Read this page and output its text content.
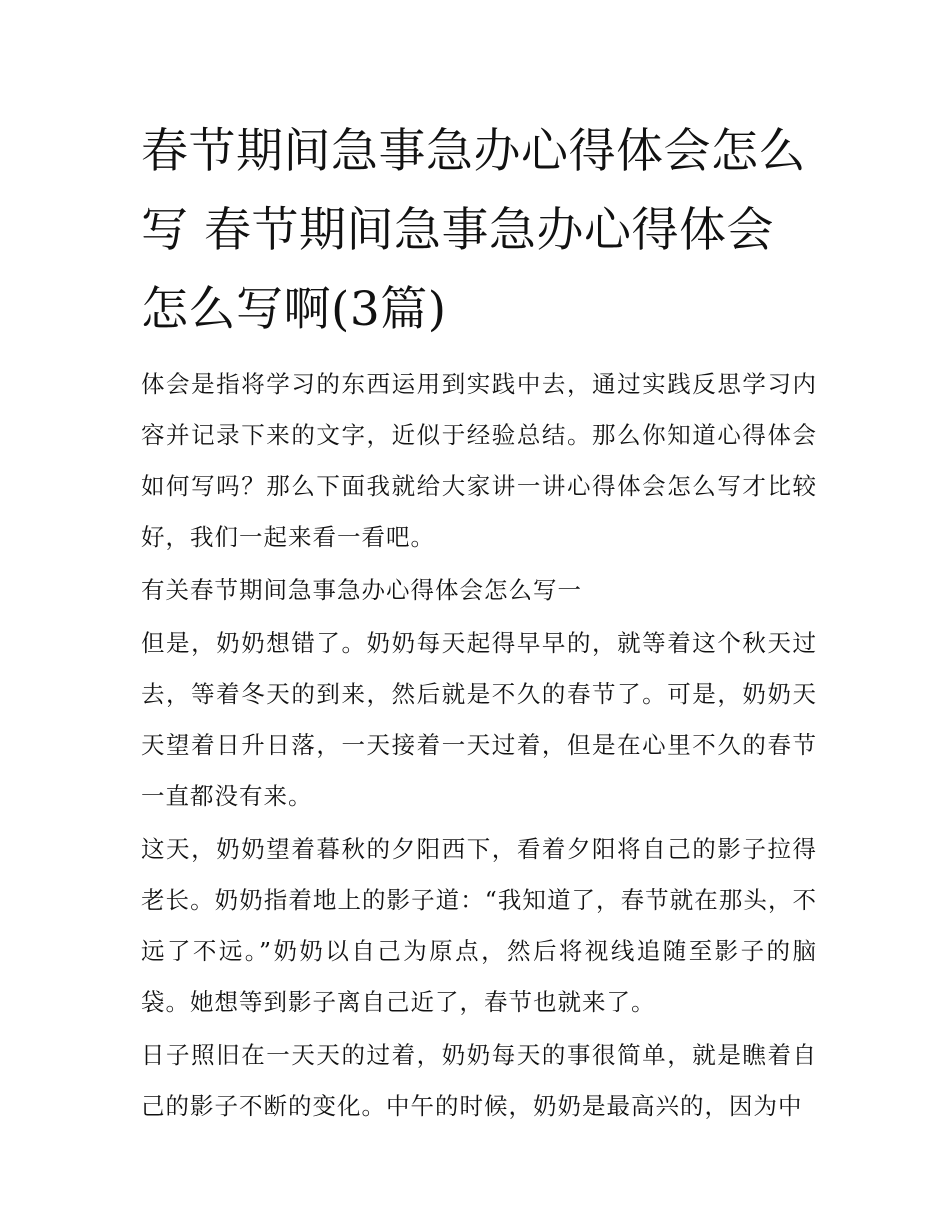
春节期间急事急办心得体会怎么写 春节期间急事急办心得体会怎么写啊(3篇)

体会是指将学习的东西运用到实践中去，通过实践反思学习内容并记录下来的文字，近似于经验总结。那么你知道心得体会如何写吗？那么下面我就给大家讲一讲心得体会怎么写才比较好，我们一起来看一看吧。

有关春节期间急事急办心得体会怎么写一

但是，奶奶想错了。奶奶每天起得早早的，就等着这个秋天过去，等着冬天的到来，然后就是不久的春节了。可是，奶奶天天望着日升日落，一天接着一天过着，但是在心里不久的春节一直都没有来。

这天，奶奶望着暮秋的夕阳西下，看着夕阳将自己的影子拉得老长。奶奶指着地上的影子道：“我知道了，春节就在那头，不远了不远。”奶奶以自己为原点，然后将视线追随至影子的脑袋。她想等到影子离自己近了，春节也就来了。

日子照旧在一天天的过着，奶奶每天的事很简单，就是瞧着自己的影子不断的变化。中午的时候，奶奶是最高兴的，因为中
